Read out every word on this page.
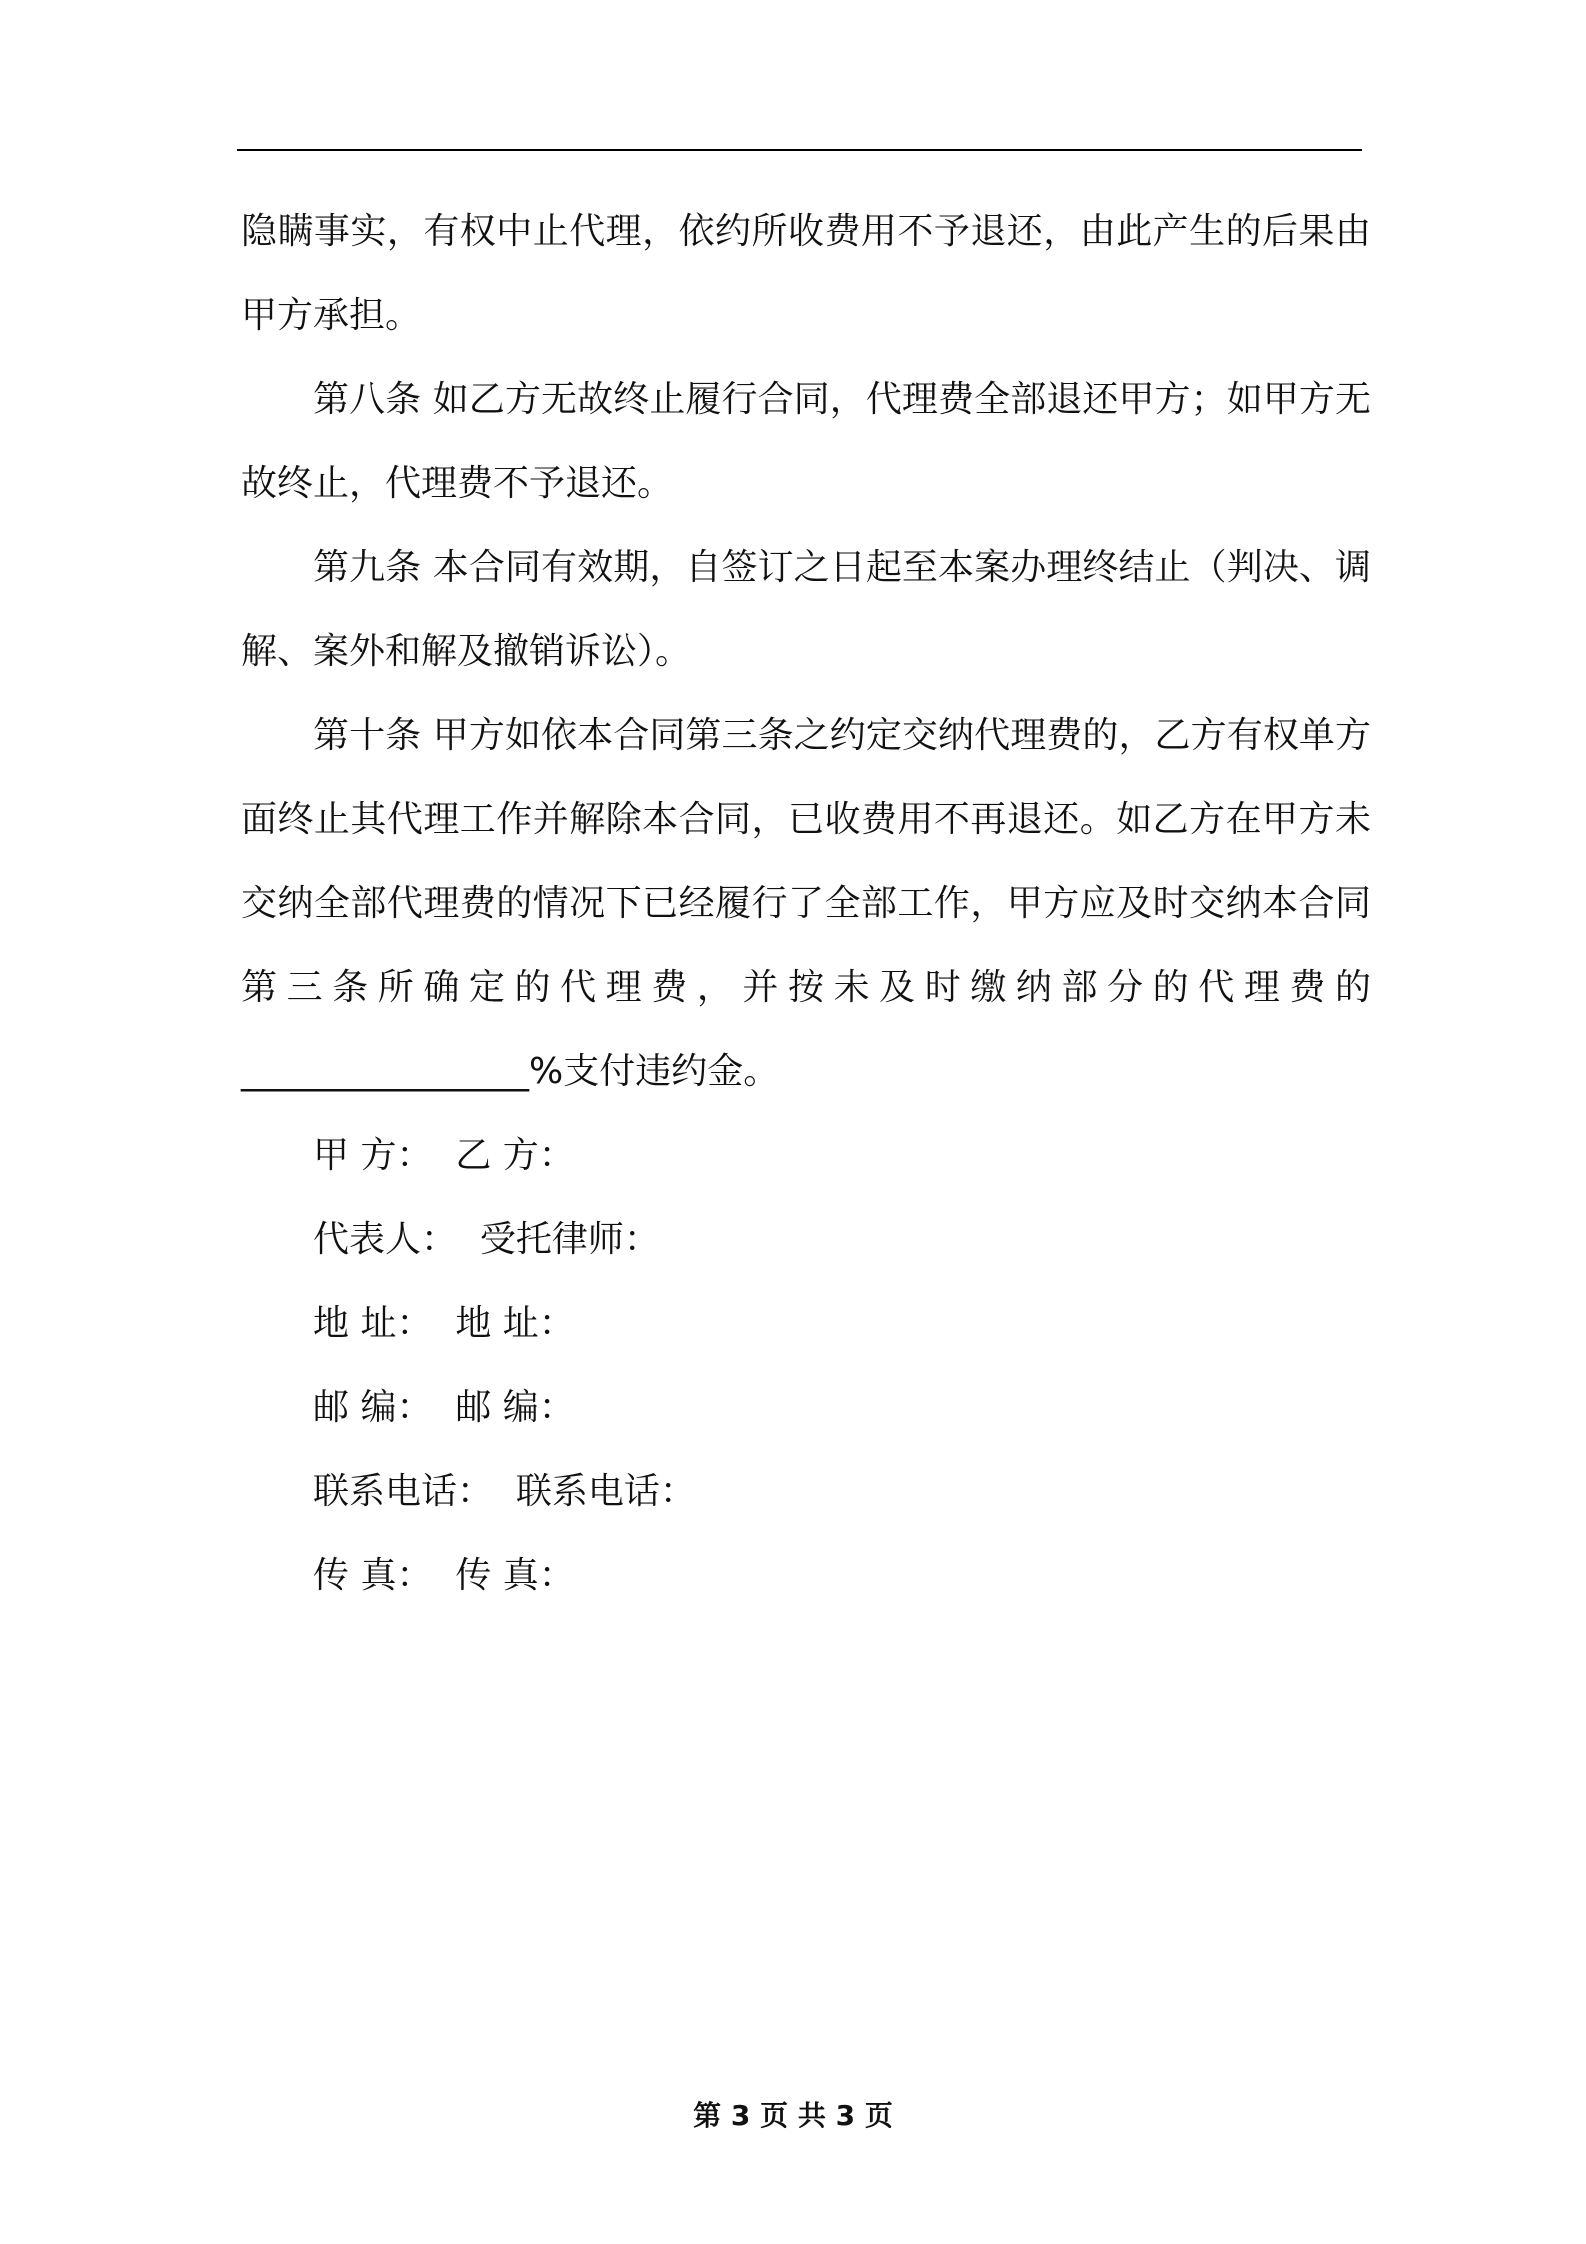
隐瞒事实，有权中止代理，依约所收费用不予退还，由此产生的后果由甲方承担。

第八条 如乙方无故终止履行合同，代理费全部退还甲方；如甲方无故终止，代理费不予退还。

第九条 本合同有效期，自签订之日起至本案办理终结止（判决、调解、案外和解及撤销诉讼）。

第十条 甲方如依本合同第三条之约定交纳代理费的，乙方有权单方面终止其代理工作并解除本合同，已收费用不再退还。如乙方在甲方未交纳全部代理费的情况下已经履行了全部工作，甲方应及时交纳本合同第三条所确定的代理费，并按未及时缴纳部分的代理费的________________%支付违约金。

甲 方：  乙 方：

代表人：  受托律师：

地 址：  地 址：

邮 编：  邮 编：

联系电话：  联系电话：

传 真：  传 真：

第 3 页 共 3 页
